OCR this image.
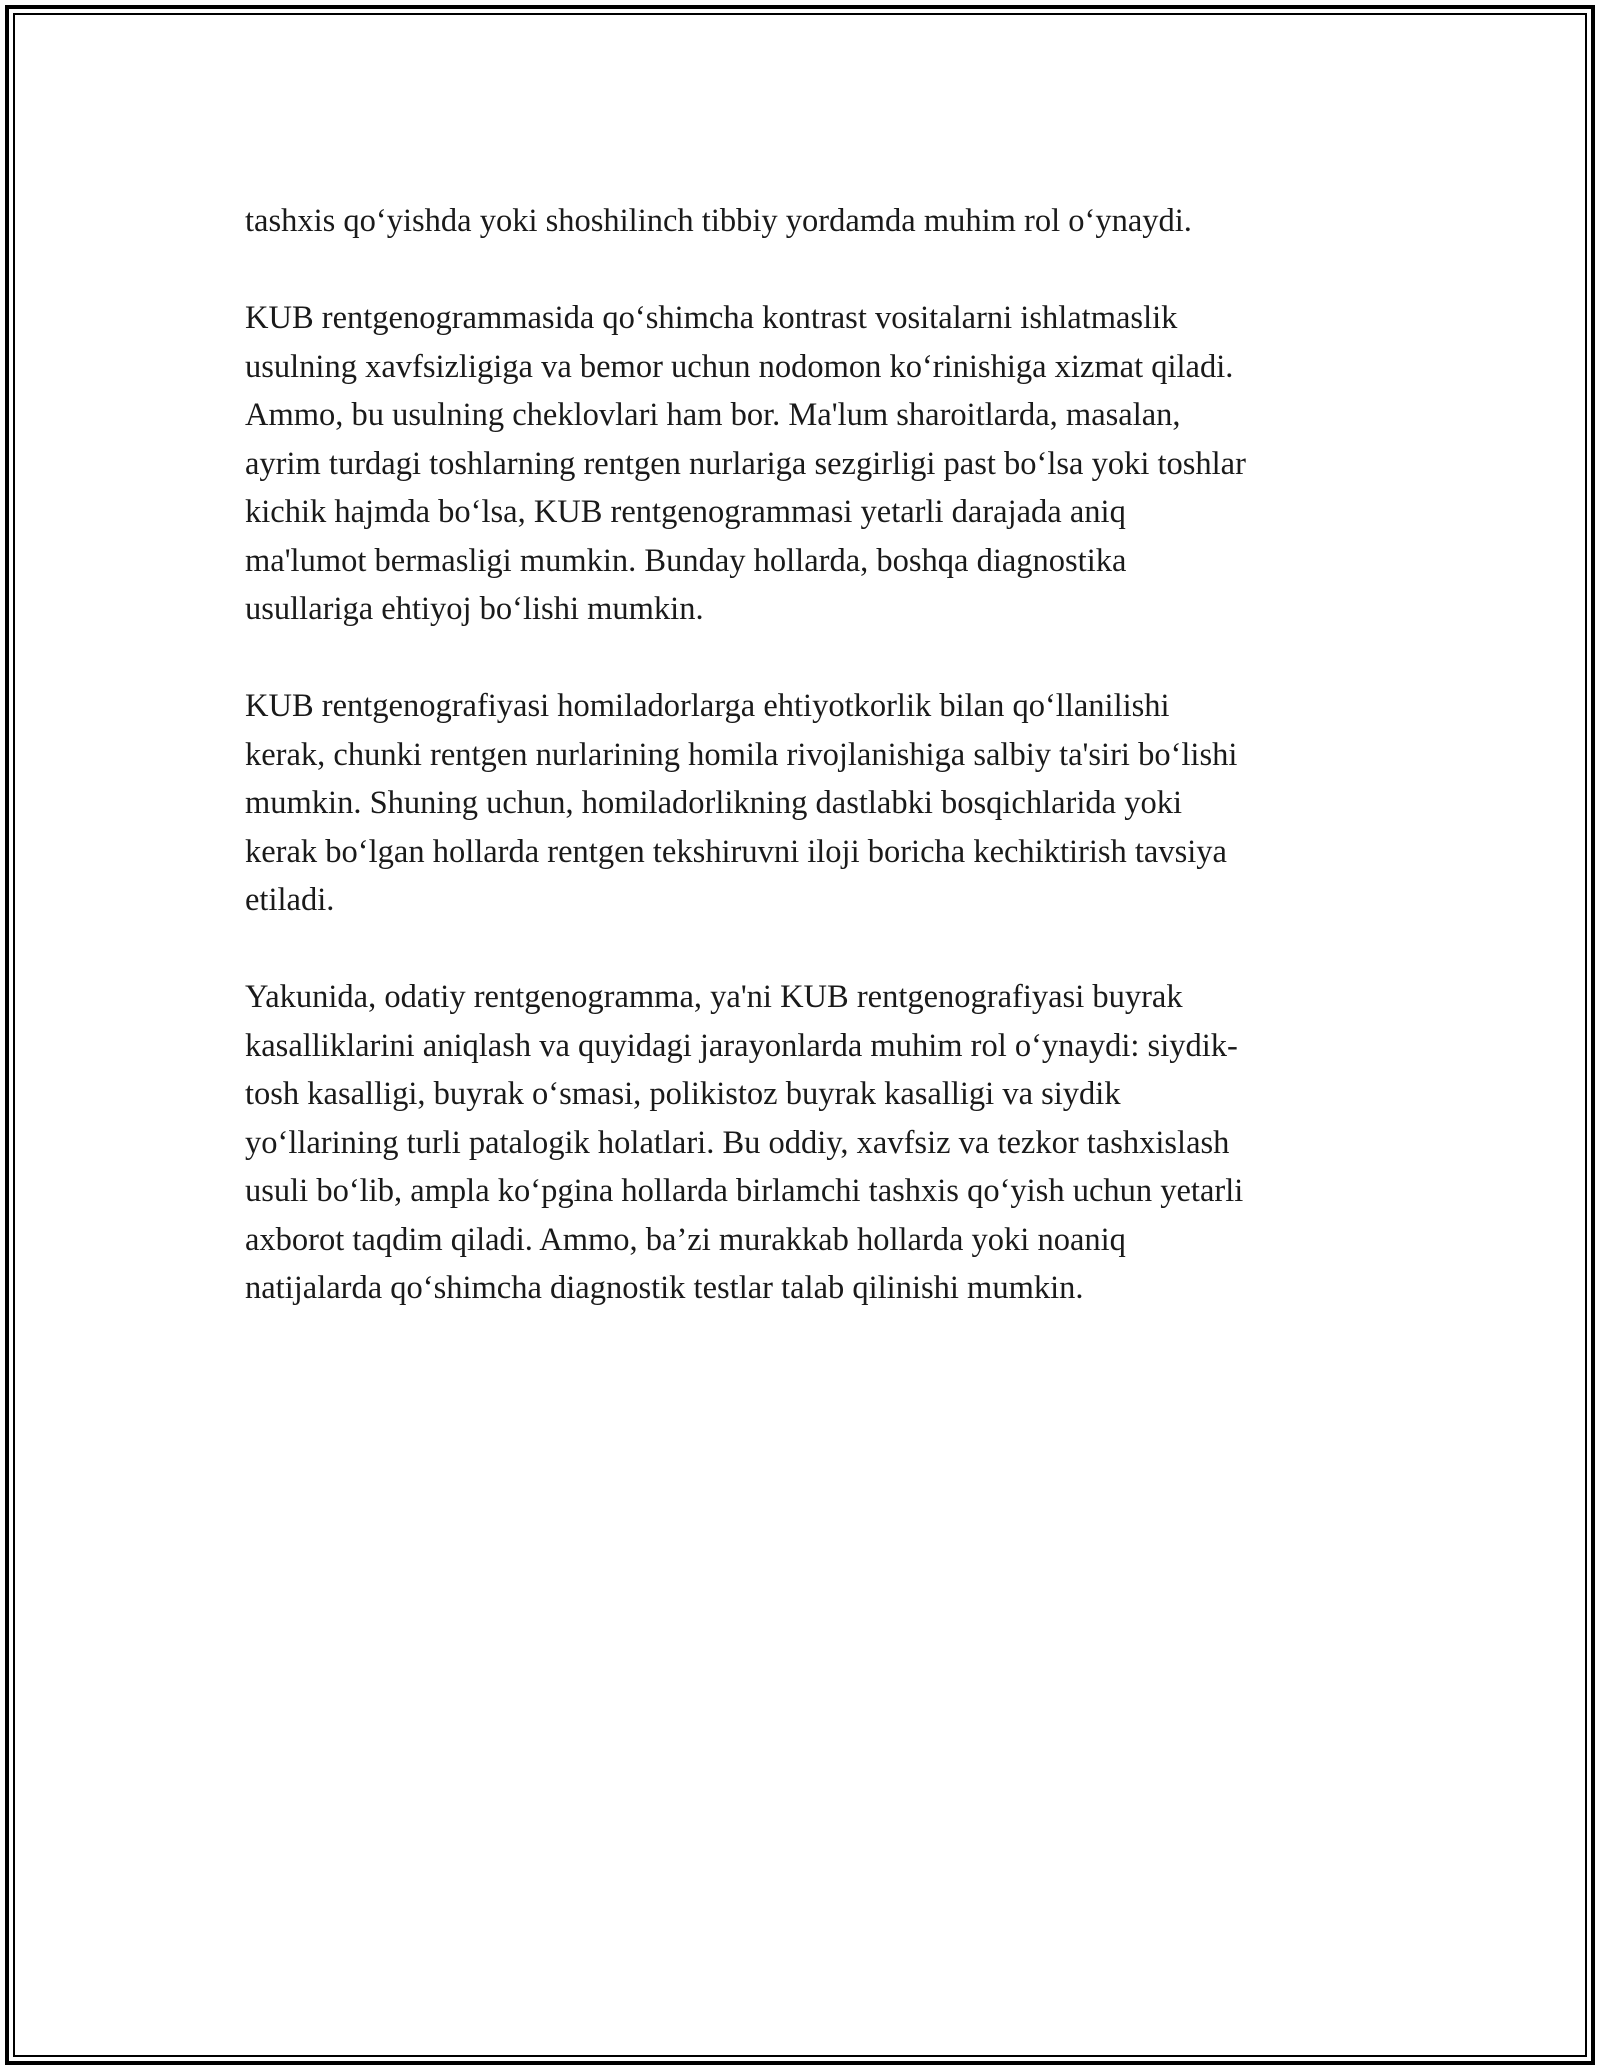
tashxis qo‘yishda yoki shoshilinch tibbiy yordamda muhim rol o‘ynaydi.

KUB rentgenogrammasida qo‘shimcha kontrast vositalarni ishlatmaslik
usulning xavfsizligiga va bemor uchun nodomon ko‘rinishiga xizmat qiladi.
Ammo, bu usulning cheklovlari ham bor. Ma'lum sharoitlarda, masalan,
ayrim turdagi toshlarning rentgen nurlariga sezgirligi past bo‘lsa yoki toshlar
kichik hajmda bo‘lsa, KUB rentgenogrammasi yetarli darajada aniq
ma'lumot bermasligi mumkin. Bunday hollarda, boshqa diagnostika
usullariga ehtiyoj bo‘lishi mumkin.

KUB rentgenografiyasi homiladorlarga ehtiyotkorlik bilan qo‘llanilishi
kerak, chunki rentgen nurlarining homila rivojlanishiga salbiy ta'siri bo‘lishi
mumkin. Shuning uchun, homiladorlikning dastlabki bosqichlarida yoki
kerak bo‘lgan hollarda rentgen tekshiruvni iloji boricha kechiktirish tavsiya
etiladi.

Yakunida, odatiy rentgenogramma, ya'ni KUB rentgenografiyasi buyrak
kasalliklarini aniqlash va quyidagi jarayonlarda muhim rol o‘ynaydi: siydik-
tosh kasalligi, buyrak o‘smasi, polikistoz buyrak kasalligi va siydik
yo‘llarining turli patalogik holatlari. Bu oddiy, xavfsiz va tezkor tashxislash
usuli bo‘lib, ampla ko‘pgina hollarda birlamchi tashxis qo‘yish uchun yetarli
axborot taqdim qiladi. Ammo, ba’zi murakkab hollarda yoki noaniq
natijalarda qo‘shimcha diagnostik testlar talab qilinishi mumkin.
